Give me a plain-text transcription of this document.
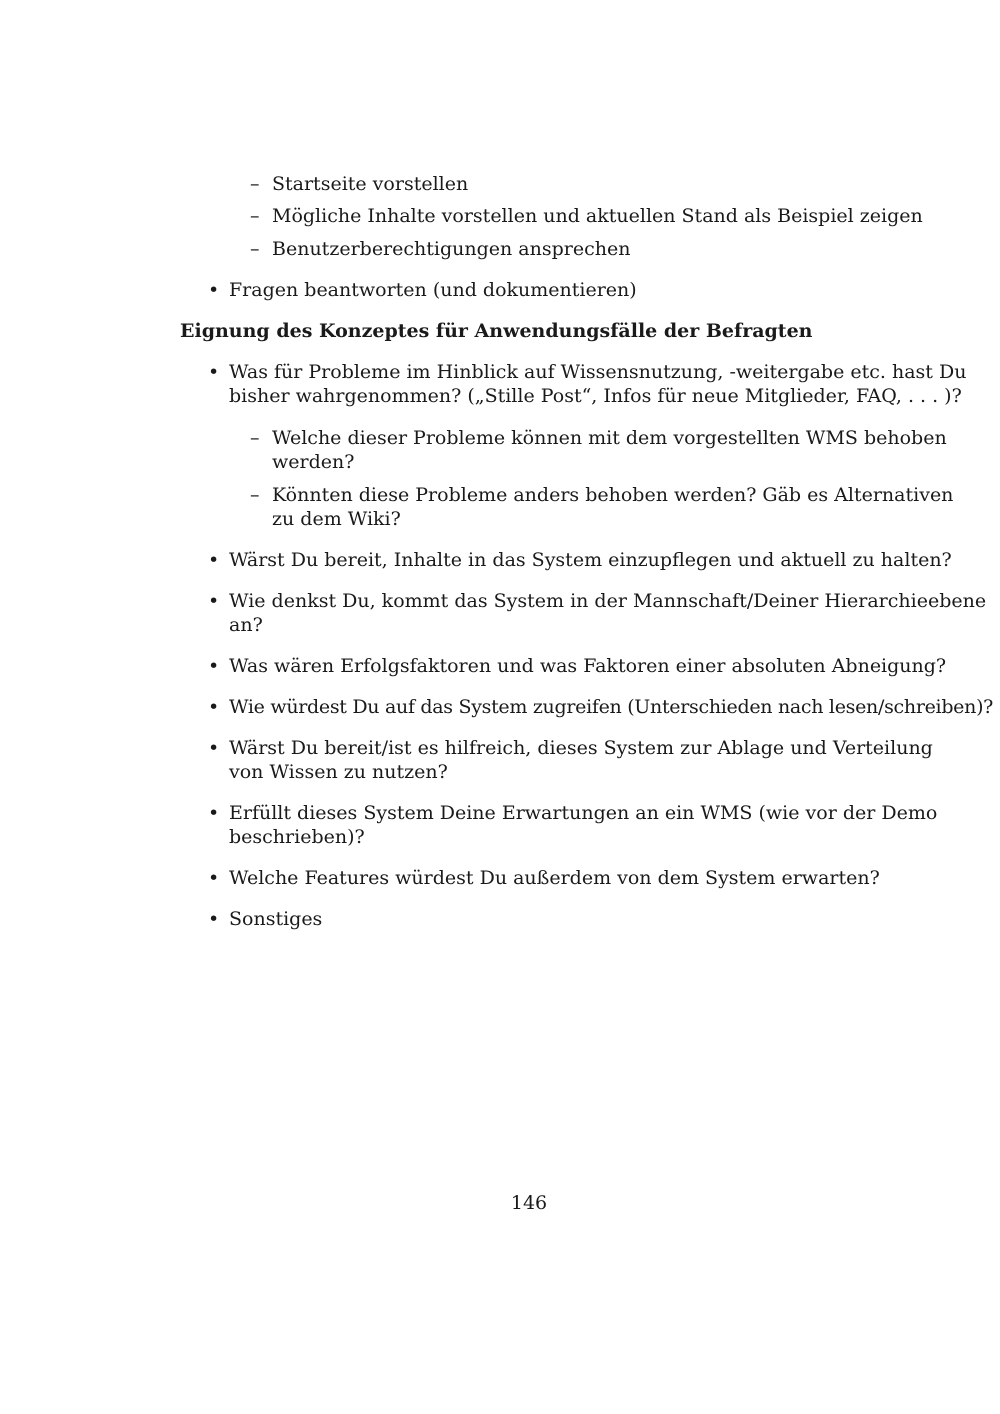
– Startseite vorstellen
– Mögliche Inhalte vorstellen und aktuellen Stand als Beispiel zeigen
– Benutzerberechtigungen ansprechen
• Fragen beantworten (und dokumentieren)
Eignung des Konzeptes für Anwendungsfälle der Befragten
• Was für Probleme im Hinblick auf Wissensnutzung, -weitergabe etc. hast Du
bisher wahrgenommen? („Stille Post“, Infos für neue Mitglieder, FAQ, . . . )?
– Welche dieser Probleme können mit dem vorgestellten WMS behoben
werden?
– Könnten diese Probleme anders behoben werden? Gäb es Alternativen
zu dem Wiki?
• Wärst Du bereit, Inhalte in das System einzupflegen und aktuell zu halten?
• Wie denkst Du, kommt das System in der Mannschaft/Deiner Hierarchieebene
an?
• Was wären Erfolgsfaktoren und was Faktoren einer absoluten Abneigung?
• Wie würdest Du auf das System zugreifen (Unterschieden nach lesen/schreiben)?
• Wärst Du bereit/ist es hilfreich, dieses System zur Ablage und Verteilung
von Wissen zu nutzen?
• Erfüllt dieses System Deine Erwartungen an ein WMS (wie vor der Demo
beschrieben)?
• Welche Features würdest Du außerdem von dem System erwarten?
• Sonstiges
146
